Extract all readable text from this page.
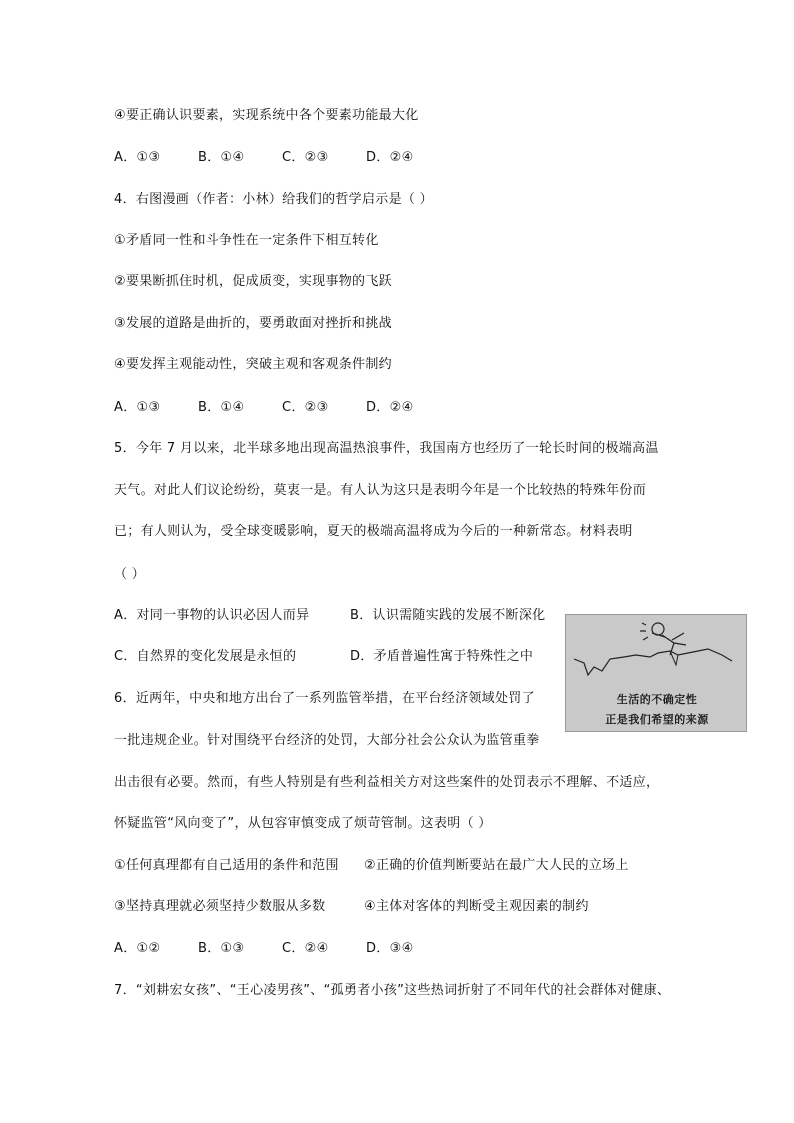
④要正确认识要素，实现系统中各个要素功能最大化
A．①③	B．①④	C．②③	D．②④
4．右图漫画（作者：小林）给我们的哲学启示是（ ）
①矛盾同一性和斗争性在一定条件下相互转化
②要果断抓住时机，促成质变，实现事物的飞跃
③发展的道路是曲折的，要勇敢面对挫折和挑战
④要发挥主观能动性，突破主观和客观条件制约
A．①③	B．①④	C．②③	D．②④
5．今年 7 月以来，北半球多地出现高温热浪事件，我国南方也经历了一轮长时间的极端高温
天气。对此人们议论纷纷，莫衷一是。有人认为这只是表明今年是一个比较热的特殊年份而
已；有人则认为，受全球变暖影响，夏天的极端高温将成为今后的一种新常态。材料表明
（ ）
A．对同一事物的认识必因人而异	B．认识需随实践的发展不断深化
C．自然界的变化发展是永恒的	D．矛盾普遍性寓于特殊性之中
6．近两年，中央和地方出台了一系列监管举措，在平台经济领域处罚了
一批违规企业。针对围绕平台经济的处罚，大部分社会公众认为监管重拳
出击很有必要。然而，有些人特别是有些利益相关方对这些案件的处罚表示不理解、不适应，
怀疑监管“风向变了”，从包容审慎变成了烦苛管制。这表明（ ）
①任何真理都有自己适用的条件和范围 ②正确的价值判断要站在最广大人民的立场上
③坚持真理就必须坚持少数服从多数	④主体对客体的判断受主观因素的制约
A．①②	B．①③	C．②④	D．③④
7．“刘耕宏女孩”、“王心凌男孩”、“孤勇者小孩”这些热词折射了不同年代的社会群体对健康、
生活的不确定性
正是我们希望的来源
